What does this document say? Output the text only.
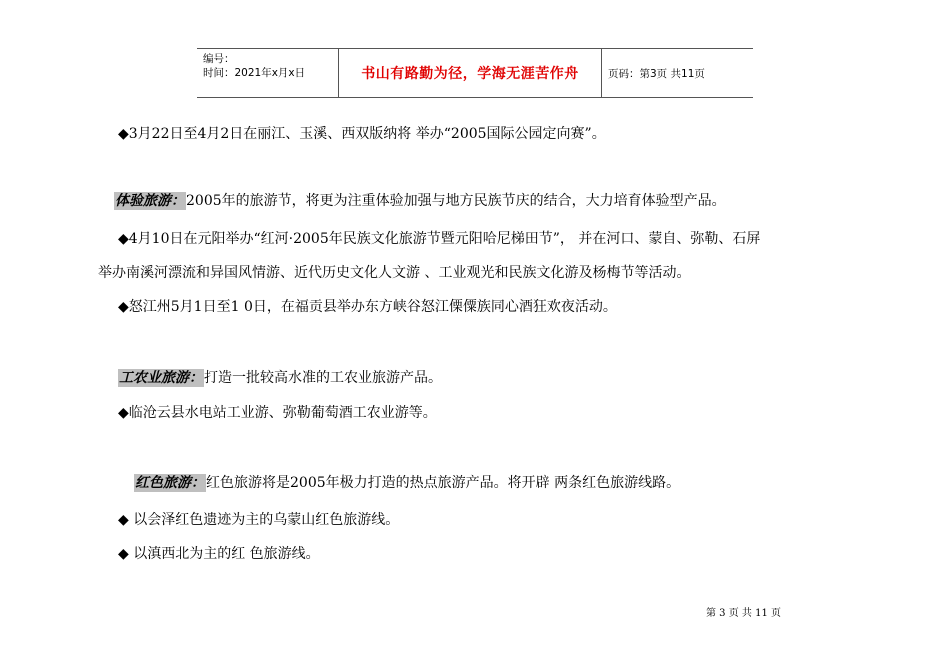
编号：
时间：2021年x月x日	书山有路勤为径，学海无涯苦作舟	页码：第3页 共11页
◆3月22日至4月2日在丽江、玉溪、西双版纳将 举办“2005国际公园定向赛”。
体验旅游：2005年的旅游节，将更为注重体验加强与地方民族节庆的结合，大力培育体验型产品。
◆4月10日在元阳举办“红河·2005年民族文化旅游节暨元阳哈尼梯田节”， 并在河口、蒙自、弥勒、石屏
举办南溪河漂流和异国风情游、近代历史文化人文游 、工业观光和民族文化游及杨梅节等活动。
◆怒江州5月1日至1 0日，在福贡县举办东方峡谷怒江傈僳族同心酒狂欢夜活动。
工农业旅游：打造一批较高水准的工农业旅游产品。
◆临沧云县水电站工业游、弥勒葡萄酒工农业游等。
红色旅游：红色旅游将是2005年极力打造的热点旅游产品。将开辟 两条红色旅游线路。
◆ 以会泽红色遗迹为主的乌蒙山红色旅游线。
◆ 以滇西北为主的红 色旅游线。
第 3 页 共 11 页
